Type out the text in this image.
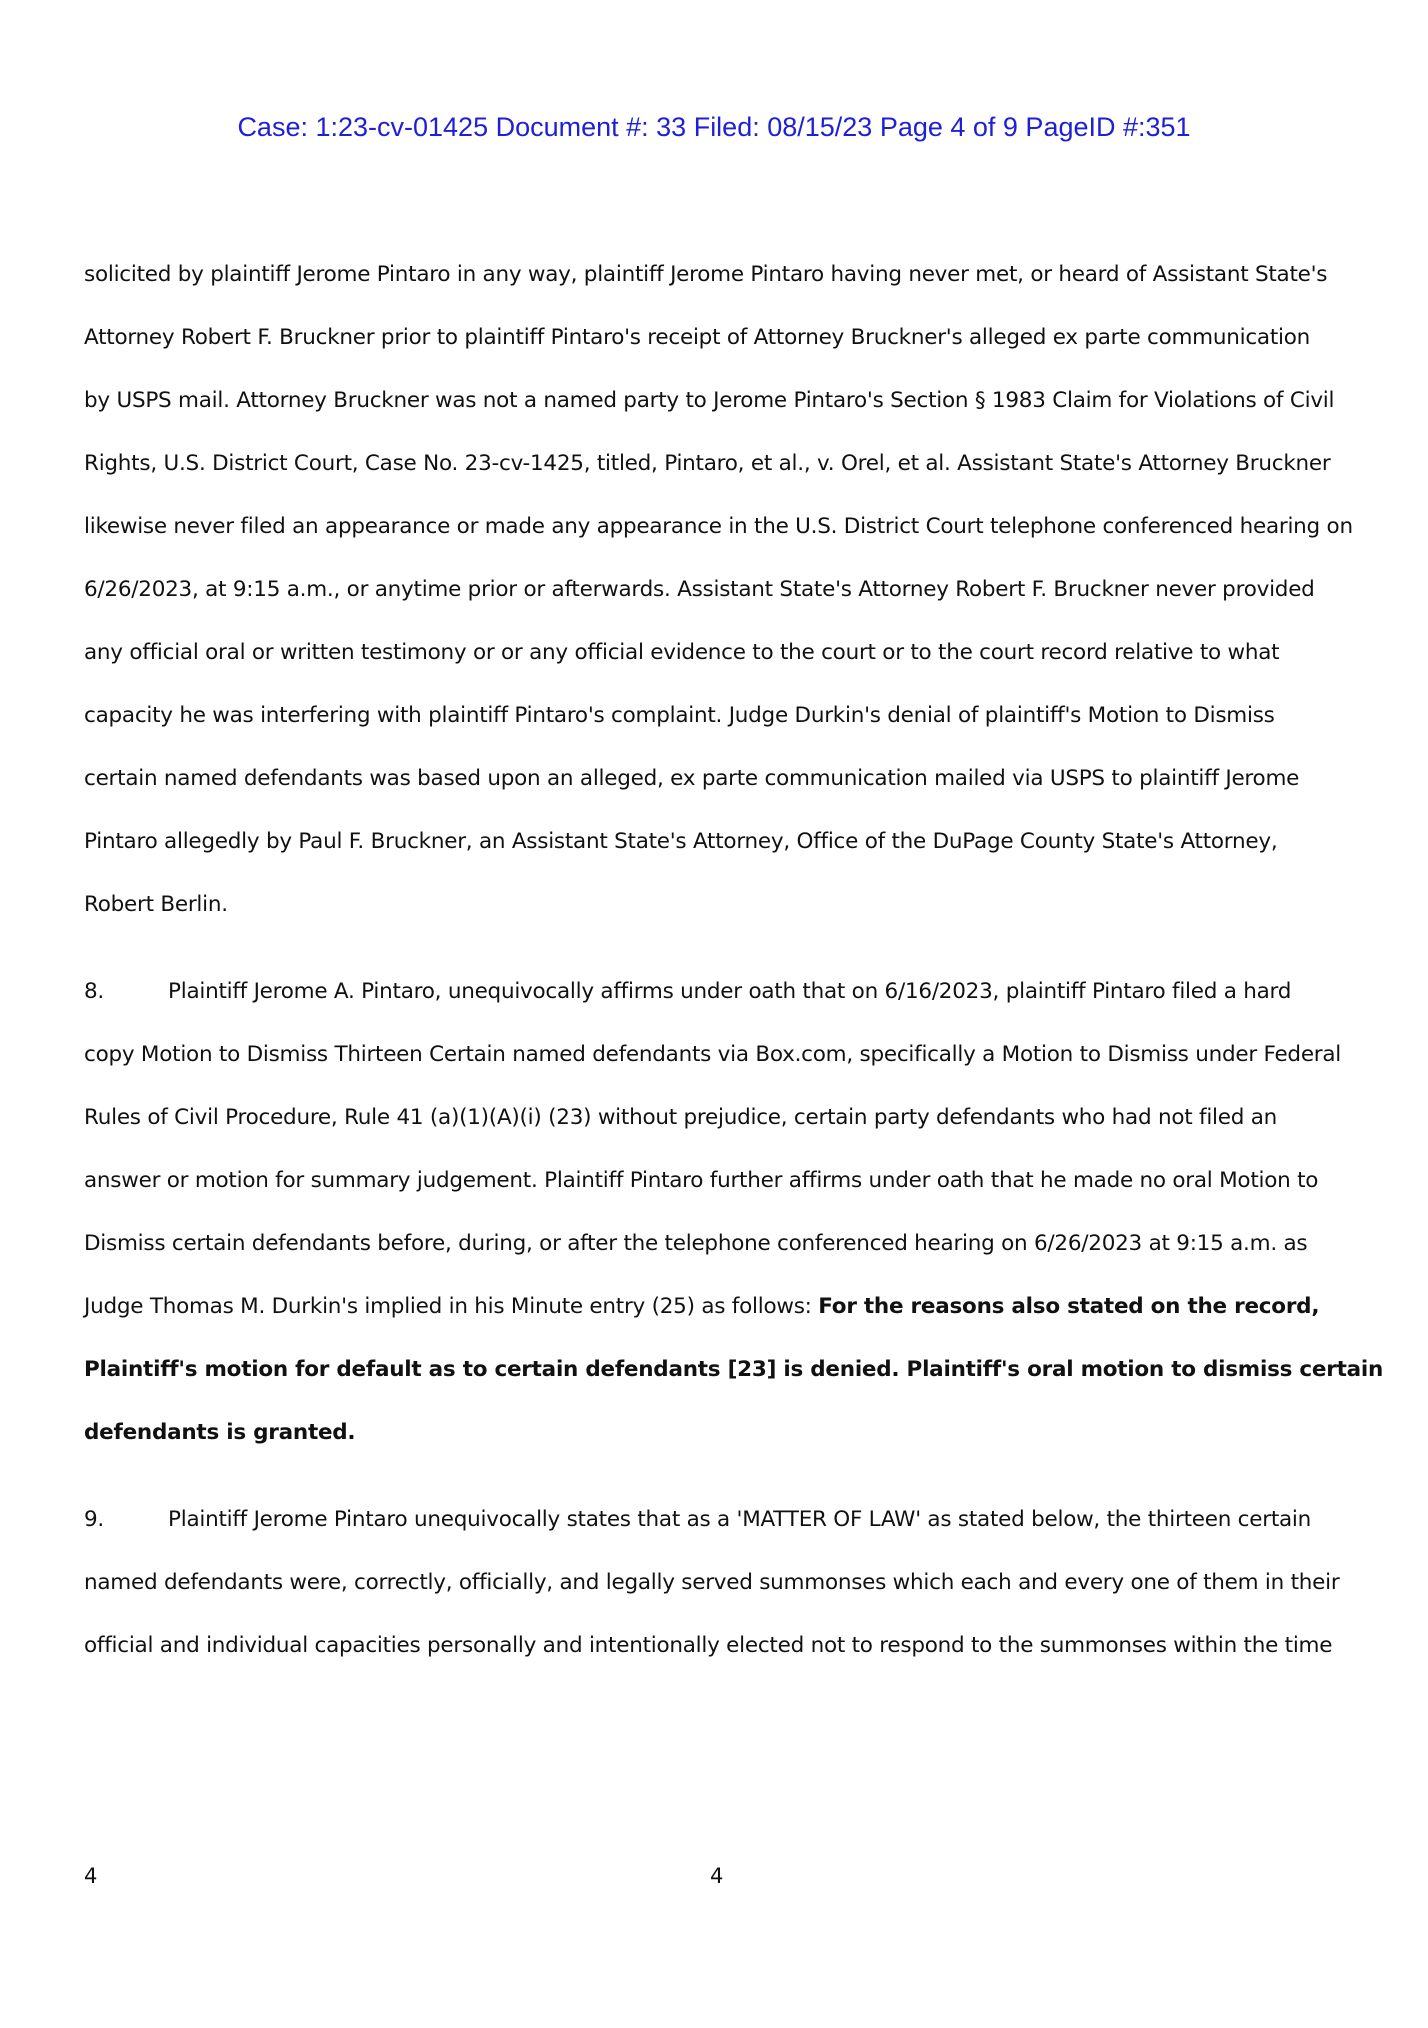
Case: 1:23-cv-01425 Document #: 33 Filed: 08/15/23 Page 4 of 9 PageID #:351
solicited by plaintiff Jerome Pintaro in any way, plaintiff Jerome Pintaro having never met, or heard of Assistant State's
Attorney Robert F. Bruckner prior to plaintiff Pintaro's receipt of Attorney Bruckner's alleged ex parte communication
by USPS mail. Attorney Bruckner was not a named party to Jerome Pintaro's Section § 1983 Claim for Violations of Civil
Rights, U.S. District Court, Case No. 23-cv-1425, titled, Pintaro, et al., v. Orel, et al. Assistant State's Attorney Bruckner
likewise never filed an appearance or made any appearance in the U.S. District Court telephone conferenced hearing on
6/26/2023, at 9:15 a.m., or anytime prior or afterwards. Assistant State's Attorney Robert F. Bruckner never provided
any official oral or written testimony or or any official evidence to the court or to the court record relative to what
capacity he was interfering with plaintiff Pintaro's complaint. Judge Durkin's denial of plaintiff's Motion to Dismiss
certain named defendants was based upon an alleged, ex parte communication mailed via USPS to plaintiff Jerome
Pintaro allegedly by Paul F. Bruckner, an Assistant State's Attorney, Office of the DuPage County State's Attorney,
Robert Berlin.
8.	Plaintiff Jerome A. Pintaro, unequivocally affirms under oath that on 6/16/2023, plaintiff Pintaro filed a hard
copy Motion to Dismiss Thirteen Certain named defendants via Box.com, specifically a Motion to Dismiss under Federal
Rules of Civil Procedure, Rule 41 (a)(1)(A)(i) (23) without prejudice, certain party defendants who had not filed an
answer or motion for summary judgement. Plaintiff Pintaro further affirms under oath that he made no oral Motion to
Dismiss certain defendants before, during, or after the telephone conferenced hearing on 6/26/2023 at 9:15 a.m. as
Judge Thomas M. Durkin's implied in his Minute entry (25) as follows: For the reasons also stated on the record,
Plaintiff's motion for default as to certain defendants [23] is denied. Plaintiff's oral motion to dismiss certain
defendants is granted.
9.	Plaintiff Jerome Pintaro unequivocally states that as a 'MATTER OF LAW' as stated below, the thirteen certain
named defendants were, correctly, officially, and legally served summonses which each and every one of them in their
official and individual capacities personally and intentionally elected not to respond to the summonses within the time
4	4
